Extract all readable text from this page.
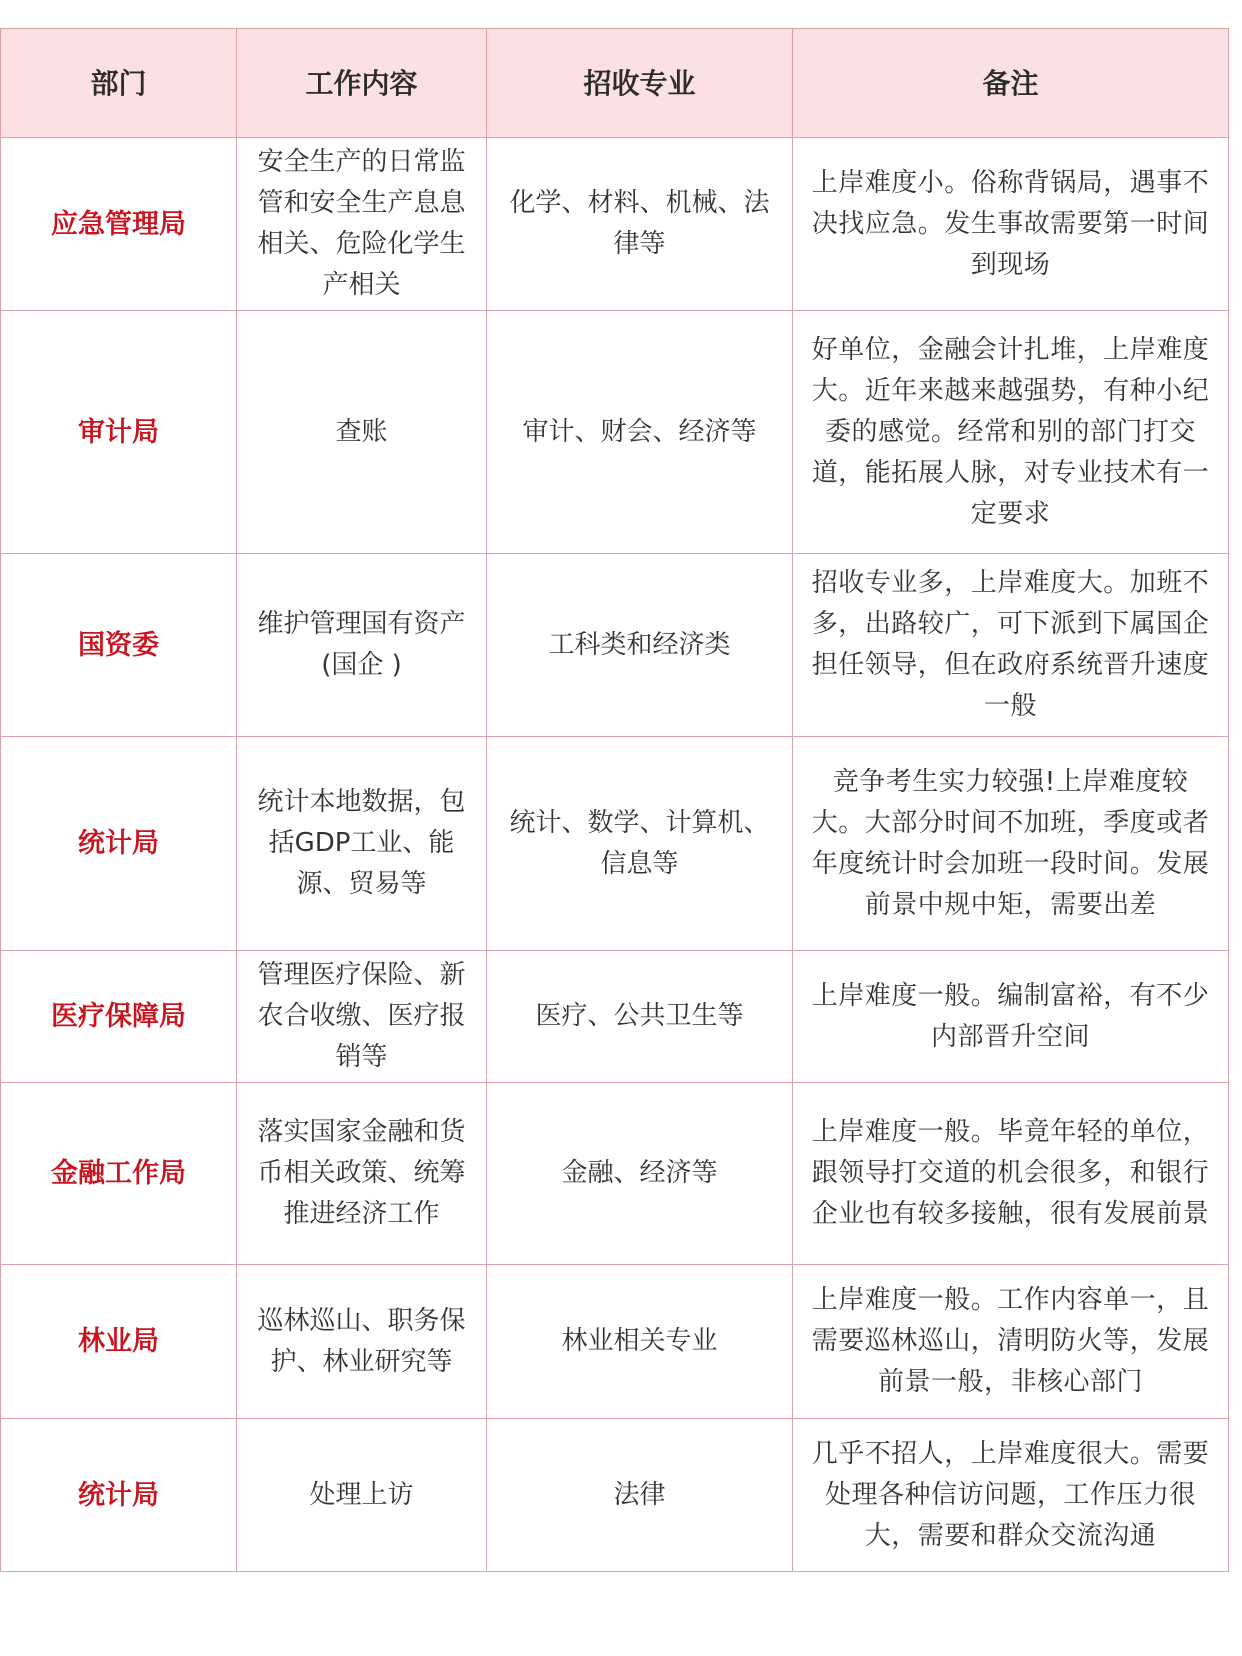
部门	工作内容	招收专业	备注
应急管理局	安全生产的日常监管和安全生产息息相关、危险化学生产相关	化学、材料、机械、法律等	上岸难度小。俗称背锅局，遇事不决找应急。发生事故需要第一时间到现场
审计局	查账	审计、财会、经济等	好单位，金融会计扎堆，上岸难度大。近年来越来越强势，有种小纪委的感觉。经常和别的部门打交道，能拓展人脉，对专业技术有一定要求
国资委	维护管理国有资产(国企 )	工科类和经济类	招收专业多，上岸难度大。加班不多，出路较广，可下派到下属国企担任领导，但在政府系统晋升速度一般
统计局	统计本地数据，包括GDP工业、能源、贸易等	统计、数学、计算机、信息等	竞争考生实力较强!上岸难度较大。大部分时间不加班，季度或者年度统计时会加班一段时间。发展前景中规中矩，需要出差
医疗保障局	管理医疗保险、新农合收缴、医疗报销等	医疗、公共卫生等	上岸难度一般。编制富裕，有不少内部晋升空间
金融工作局	落实国家金融和货币相关政策、统筹推进经济工作	金融、经济等	上岸难度一般。毕竟年轻的单位，跟领导打交道的机会很多，和银行企业也有较多接触，很有发展前景
林业局	巡林巡山、职务保护、林业研究等	林业相关专业	上岸难度一般。工作内容单一，且需要巡林巡山，清明防火等，发展前景一般，非核心部门
统计局	处理上访	法律	几乎不招人，上岸难度很大。需要处理各种信访问题，工作压力很大，需要和群众交流沟通
